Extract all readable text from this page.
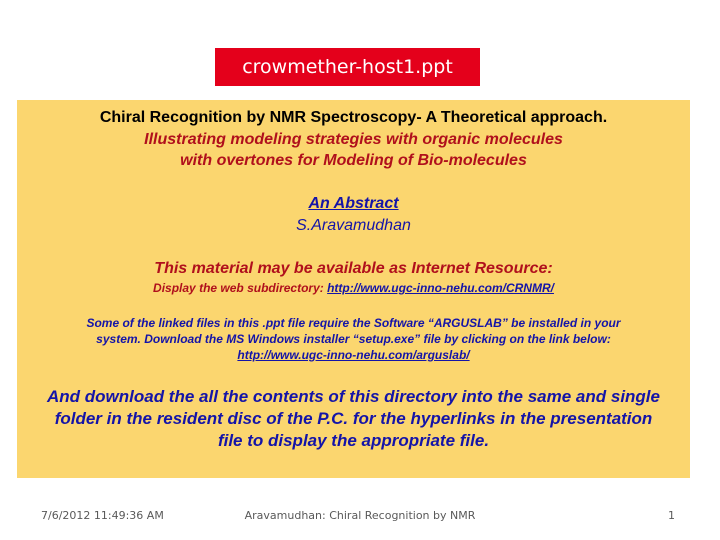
crowmether-host1.ppt
Chiral Recognition by NMR Spectroscopy- A Theoretical approach.
Illustrating modeling strategies with organic molecules
with overtones for Modeling of Bio-molecules
An Abstract
S.Aravamudhan
This material may be available as Internet Resource:
Display the web subdirectory: http://www.ugc-inno-nehu.com/CRNMR/
Some of the linked files in this .ppt file require the Software “ARGUSLAB” be installed in your
system. Download the MS Windows installer “setup.exe” file by clicking on the link below:
http://www.ugc-inno-nehu.com/arguslab/
And download the all the contents of this directory into the same and single
folder in the resident disc of the P.C. for the hyperlinks in the presentation
file to display the appropriate file.
7/6/2012 11:49:36 AM	Aravamudhan: Chiral Recognition by NMR	1
